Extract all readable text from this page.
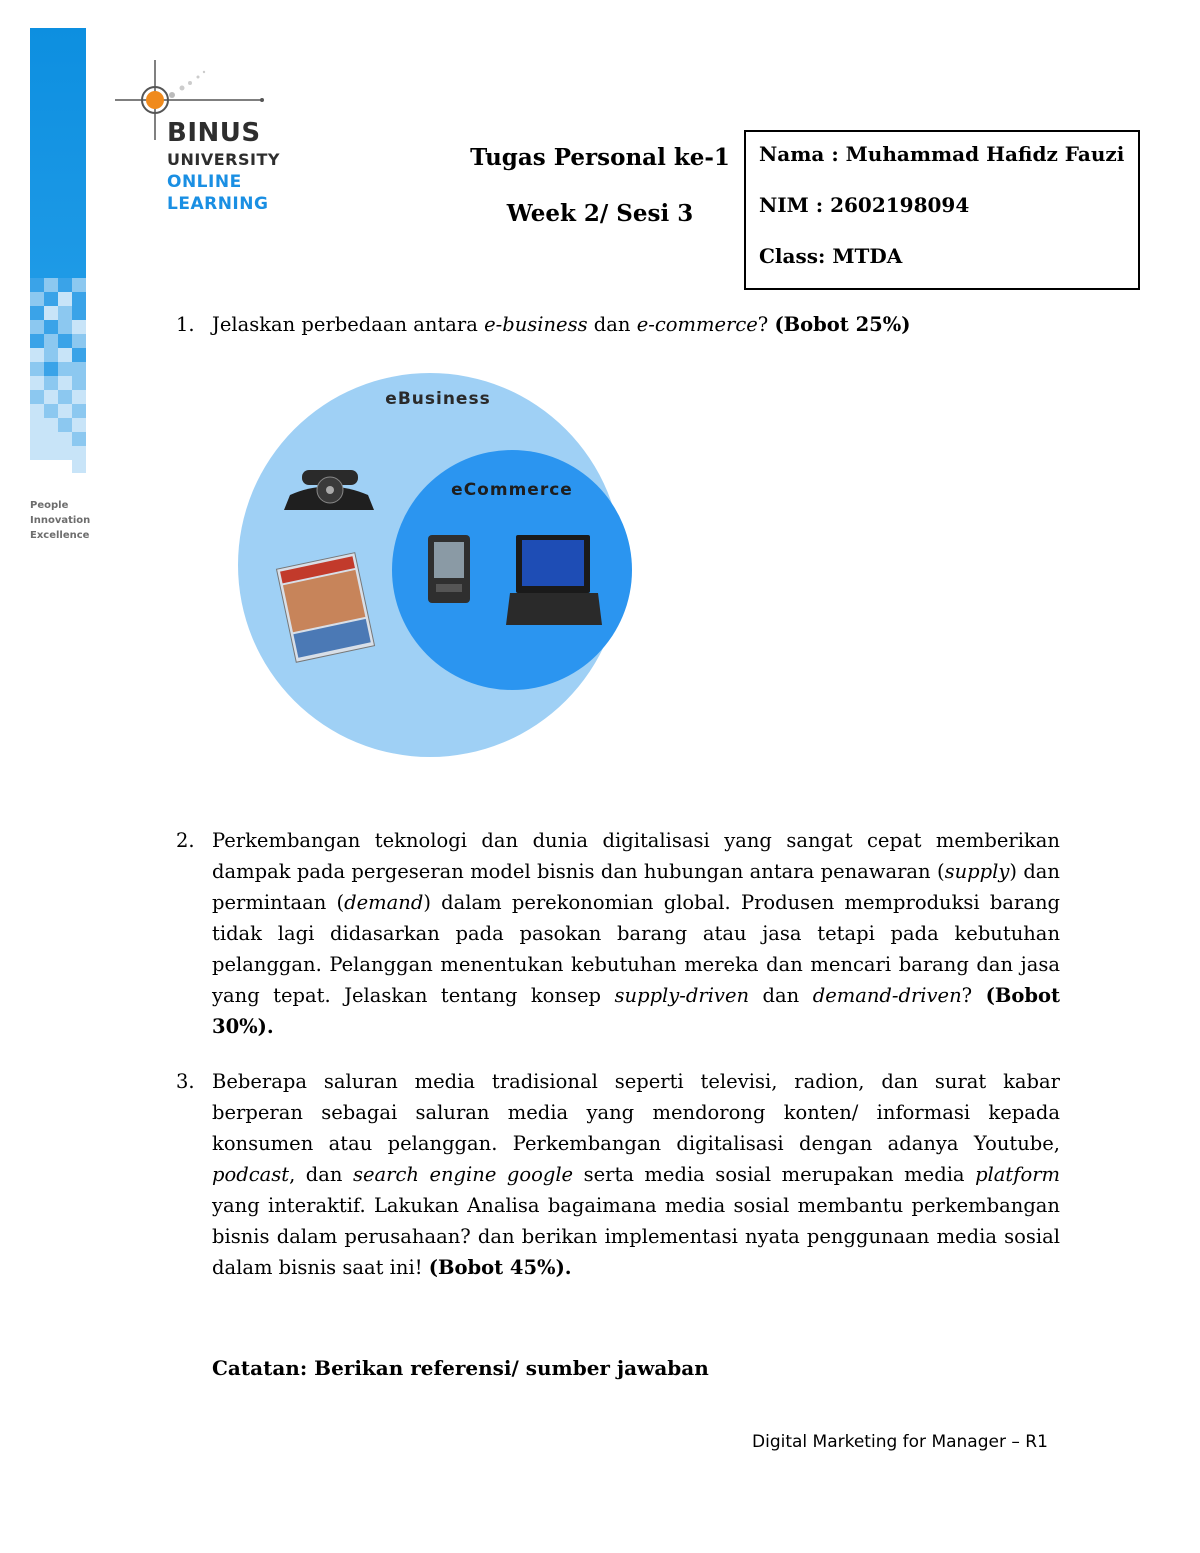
People
Innovation
Excellence
BINUS
UNIVERSITY
ONLINE
LEARNING
Tugas Personal ke-1
Week 2/ Sesi 3
Nama : Muhammad Hafidz Fauzi
NIM : 2602198094
Class: MTDA
1. Jelaskan perbedaan antara e-business dan e-commerce? (Bobot 25%)
eBusiness
eCommerce
2. Perkembangan teknologi dan dunia digitalisasi yang sangat cepat memberikan dampak pada pergeseran model bisnis dan hubungan antara penawaran (supply) dan permintaan (demand) dalam perekonomian global. Produsen memproduksi barang tidak lagi didasarkan pada pasokan barang atau jasa tetapi pada kebutuhan pelanggan. Pelanggan menentukan kebutuhan mereka dan mencari barang dan jasa yang tepat. Jelaskan tentang konsep supply-driven dan demand-driven? (Bobot 30%).
3. Beberapa saluran media tradisional seperti televisi, radion, dan surat kabar berperan sebagai saluran media yang mendorong konten/ informasi kepada konsumen atau pelanggan. Perkembangan digitalisasi dengan adanya Youtube, podcast, dan search engine google serta media sosial merupakan media platform yang interaktif. Lakukan Analisa bagaimana media sosial membantu perkembangan bisnis dalam perusahaan? dan berikan implementasi nyata penggunaan media sosial dalam bisnis saat ini! (Bobot 45%).
Catatan: Berikan referensi/ sumber jawaban
Digital Marketing for Manager – R1
